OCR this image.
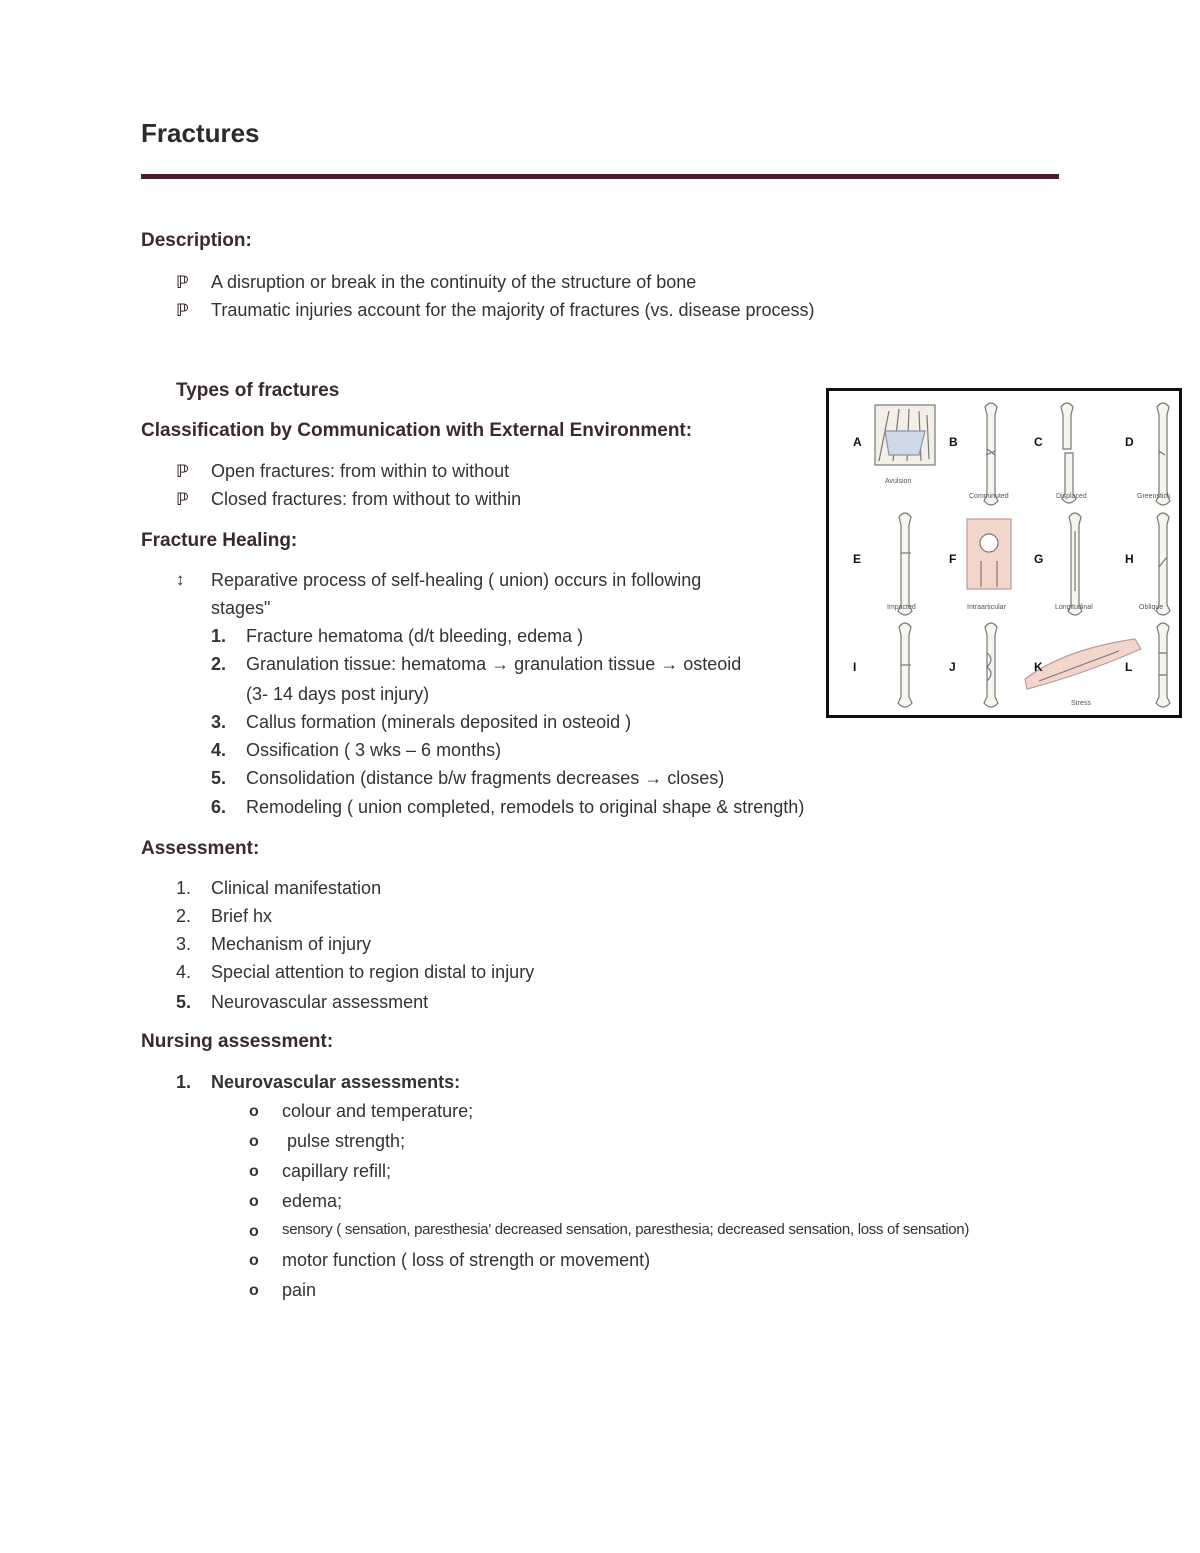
Fractures
Description:
ℙ A disruption or break in the continuity of the structure of bone
ℙ Traumatic injuries account for the majority of fractures (vs. disease process)
Types of fractures
Classification by Communication with External Environment:
ℙ Open fractures: from within to without
ℙ Closed fractures: from without to within
Fracture Healing:
↕ Reparative process of self-healing ( union) occurs in following
stages"
1. Fracture hematoma (d/t bleeding, edema )
2. Granulation tissue: hematoma → granulation tissue → osteoid
(3- 14 days post injury)
3. Callus formation (minerals deposited in osteoid )
4. Ossification ( 3 wks – 6 months)
5. Consolidation (distance b/w fragments decreases → closes)
6. Remodeling ( union completed, remodels to original shape & strength)
Assessment:
1. Clinical manifestation
2. Brief hx
3. Mechanism of injury
4. Special attention to region distal to injury
5. Neurovascular assessment
Nursing assessment:
1. Neurovascular assessments:
o colour and temperature;
o pulse strength;
o capillary refill;
o edema;
o sensory ( sensation, paresthesia' decreased sensation, paresthesia; decreased sensation, loss of sensation)
o motor function ( loss of strength or movement)
o pain
A	B	C	D
E	F	G	H
I	J	K	L
Avulsion
Comminuted	Displaced	Greenstick
Impacted	Intraarticular	Longitudinal	Oblique
Stress
